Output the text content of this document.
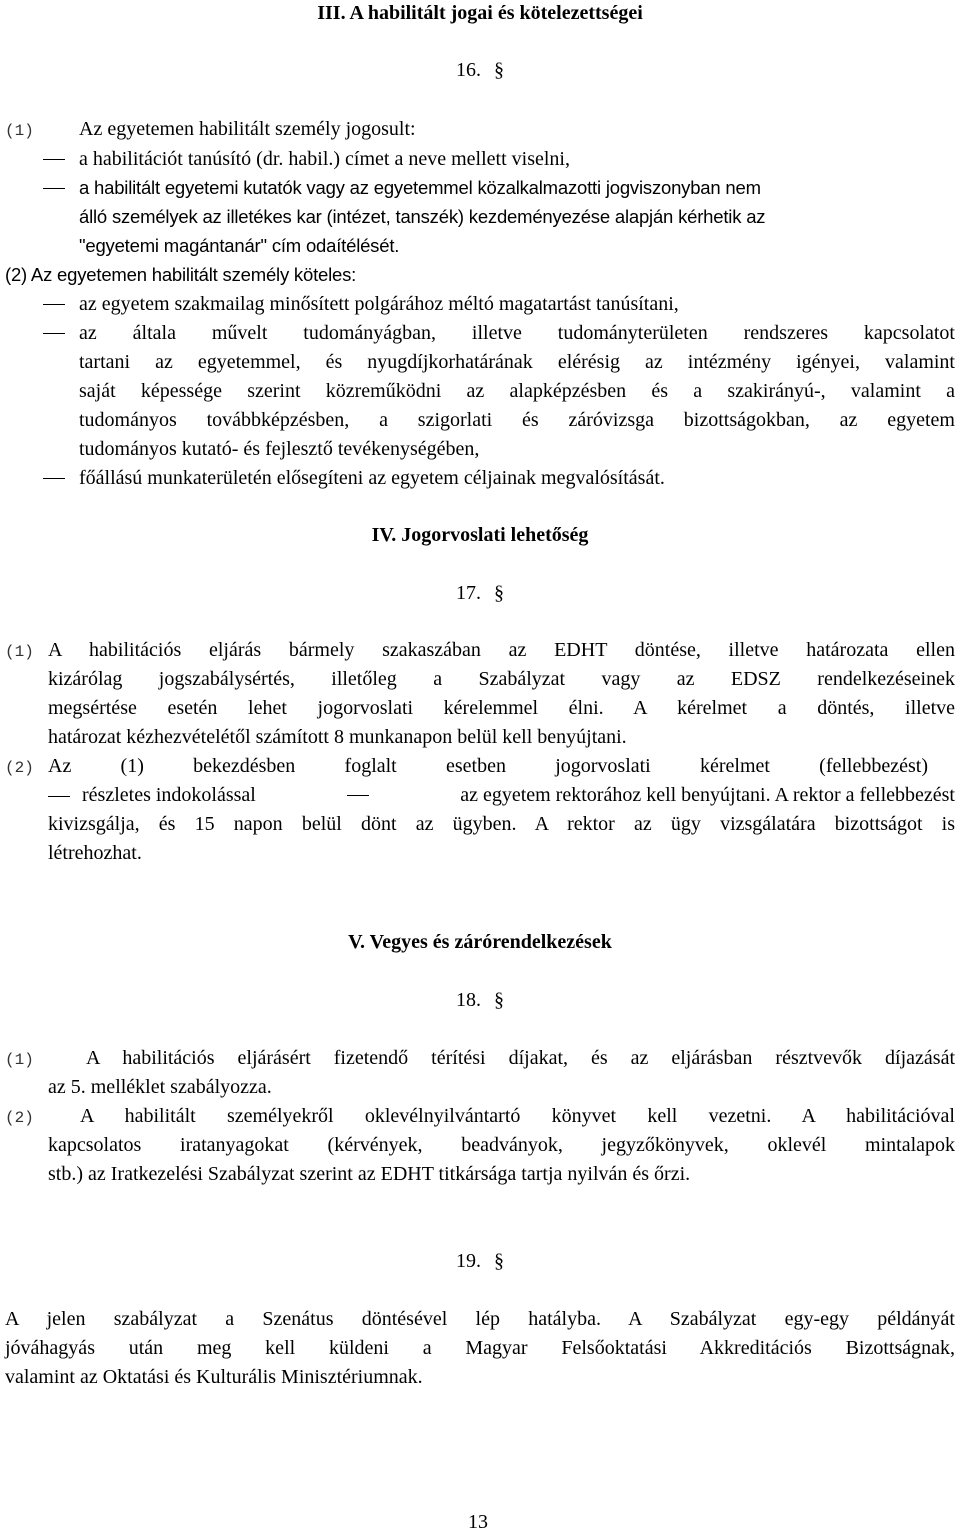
III. A habilitált jogai és kötelezettségei
16. §
(1) Az egyetemen habilitált személy jogosult:
a habilitációt tanúsító (dr. habil.) címet a neve mellett viselni,
a habilitált egyetemi kutatók vagy az egyetemmel közalkalmazotti jogviszonyban nem
álló személyek az illetékes kar (intézet, tanszék) kezdeményezése alapján kérhetik az
"egyetemi magántanár" cím odaítélését.
(2) Az egyetemen habilitált személy köteles:
az egyetem szakmailag minősített polgárához méltó magatartást tanúsítani,
az általa művelt tudományágban, illetve tudományterületen rendszeres kapcsolatot
tartani az egyetemmel, és nyugdíjkorhatárának elérésig az intézmény igényei, valamint
saját képessége szerint közreműködni az alapképzésben és a szakirányú-, valamint a
tudományos továbbképzésben, a szigorlati és záróvizsga bizottságokban, az egyetem
tudományos kutató- és fejlesztő tevékenységében,
főállású munkaterületén elősegíteni az egyetem céljainak megvalósítását.
IV. Jogorvoslati lehetőség
17. §
(1) A habilitációs eljárás bármely szakaszában az EDHT döntése, illetve határozata ellen
kizárólag jogszabálysértés, illetőleg a Szabályzat vagy az EDSZ rendelkezéseinek
megsértése esetén lehet jogorvoslati kérelemmel élni. A kérelmet a döntés, illetve
határozat kézhezvételétől számított 8 munkanapon belül kell benyújtani.
(2) Az (1) bekezdésben foglalt esetben jogorvoslati kérelmet (fellebbezést)
részletes indokolással	az egyetem rektorához kell benyújtani. A rektor a fellebbezést
kivizsgálja, és 15 napon belül dönt az ügyben. A rektor az ügy vizsgálatára bizottságot is
létrehozhat.
V. Vegyes és zárórendelkezések
18. §
(1)	A habilitációs eljárásért fizetendő térítési díjakat, és az eljárásban résztvevők díjazását
az 5. melléklet szabályozza.
(2) A habilitált személyekről oklevélnyilvántartó könyvet kell vezetni. A habilitációval
kapcsolatos iratanyagokat (kérvények, beadványok, jegyzőkönyvek, oklevél mintalapok
stb.) az Iratkezelési Szabályzat szerint az EDHT titkársága tartja nyilván és őrzi.
19. §
A jelen szabályzat a Szenátus döntésével lép hatályba. A Szabályzat egy-egy példányát
jóváhagyás után meg kell küldeni a Magyar Felsőoktatási Akkreditációs Bizottságnak,
valamint az Oktatási és Kulturális Minisztériumnak.
13
